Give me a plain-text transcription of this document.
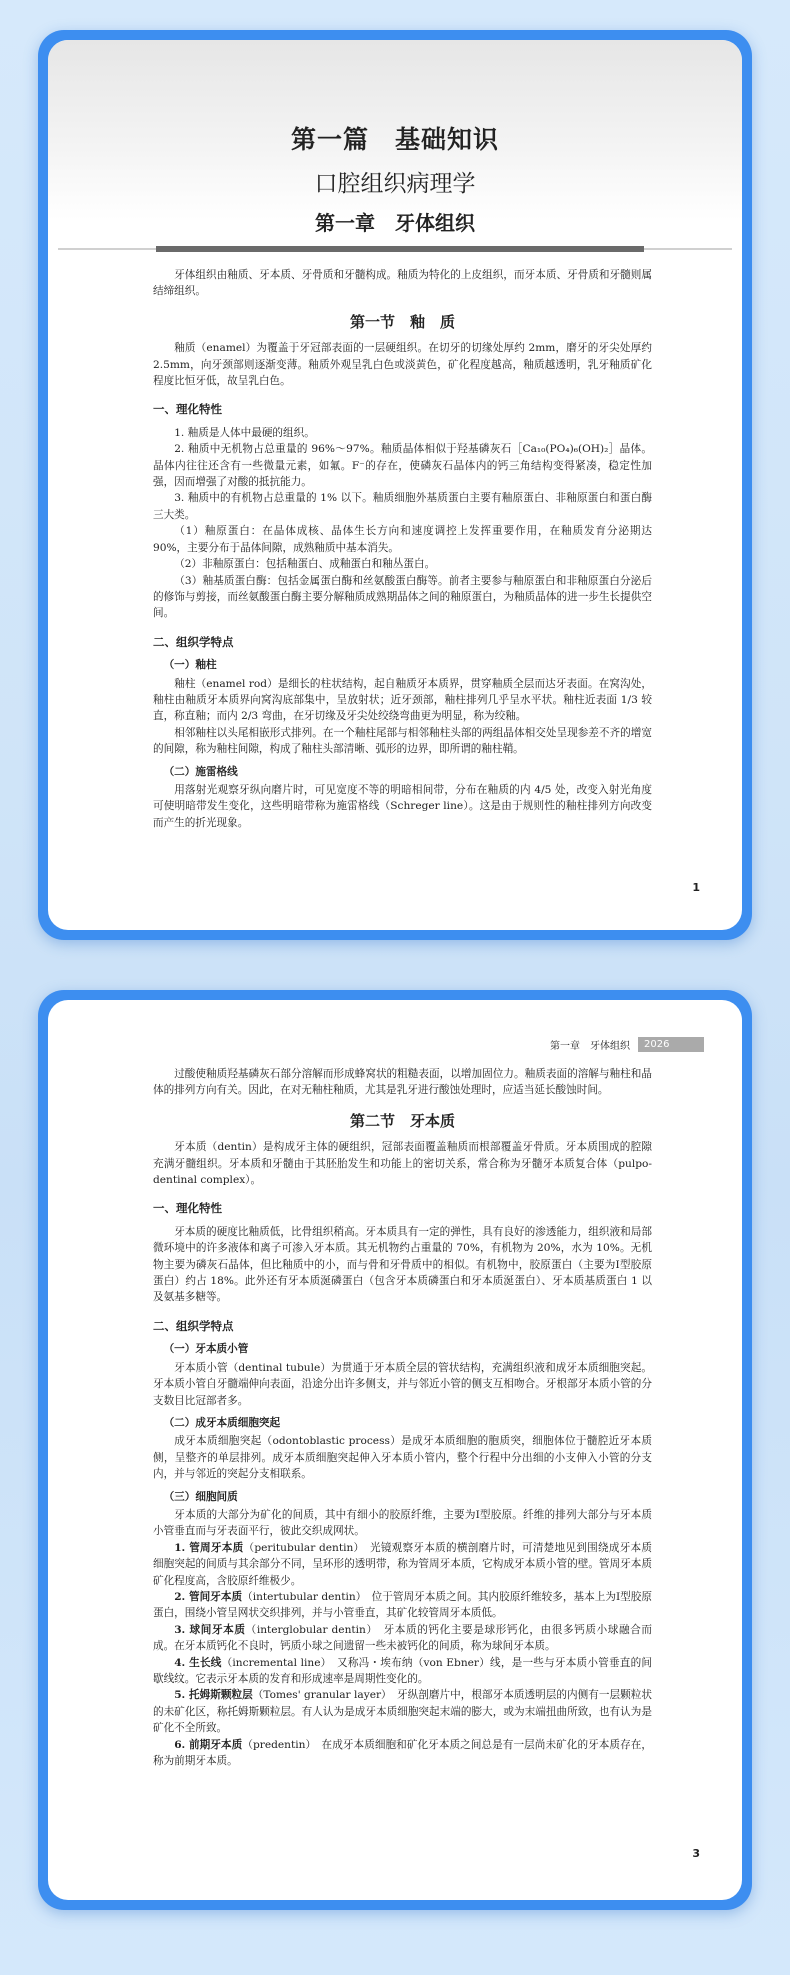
第一篇　基础知识
口腔组织病理学
第一章　牙体组织

牙体组织由釉质、牙本质、牙骨质和牙髓构成。釉质为特化的上皮组织，而牙本质、牙骨质和牙髓则属结缔组织。

第一节　釉　质

釉质（enamel）为覆盖于牙冠部表面的一层硬组织。在切牙的切缘处厚约 2mm，磨牙的牙尖处厚约 2.5mm，向牙颈部则逐渐变薄。釉质外观呈乳白色或淡黄色，矿化程度越高，釉质越透明，乳牙釉质矿化程度比恒牙低，故呈乳白色。

一、理化特性

1. 釉质是人体中最硬的组织。

2. 釉质中无机物占总重量的 96%～97%。釉质晶体相似于羟基磷灰石［Ca₁₀(PO₄)₆(OH)₂］晶体。晶体内往往还含有一些微量元素，如氟。F⁻的存在，使磷灰石晶体内的钙三角结构变得紧凑，稳定性加强，因而增强了对酸的抵抗能力。

3. 釉质中的有机物占总重量的 1% 以下。釉质细胞外基质蛋白主要有釉原蛋白、非釉原蛋白和蛋白酶三大类。

（1）釉原蛋白：在晶体成核、晶体生长方向和速度调控上发挥重要作用，在釉质发育分泌期达 90%，主要分布于晶体间隙，成熟釉质中基本消失。

（2）非釉原蛋白：包括釉蛋白、成釉蛋白和釉丛蛋白。

（3）釉基质蛋白酶：包括金属蛋白酶和丝氨酸蛋白酶等。前者主要参与釉原蛋白和非釉原蛋白分泌后的修饰与剪接，而丝氨酸蛋白酶主要分解釉质成熟期晶体之间的釉原蛋白，为釉质晶体的进一步生长提供空间。

二、组织学特点

（一）釉柱

釉柱（enamel rod）是细长的柱状结构，起自釉质牙本质界，贯穿釉质全层而达牙表面。在窝沟处，釉柱由釉质牙本质界向窝沟底部集中，呈放射状；近牙颈部，釉柱排列几乎呈水平状。釉柱近表面 1/3 较直，称直釉；而内 2/3 弯曲，在牙切缘及牙尖处绞绕弯曲更为明显，称为绞釉。

相邻釉柱以头尾相嵌形式排列。在一个釉柱尾部与相邻釉柱头部的两组晶体相交处呈现参差不齐的增宽的间隙，称为釉柱间隙，构成了釉柱头部清晰、弧形的边界，即所谓的釉柱鞘。

（二）施雷格线

用落射光观察牙纵向磨片时，可见宽度不等的明暗相间带，分布在釉质的内 4/5 处，改变入射光角度可使明暗带发生变化，这些明暗带称为施雷格线（Schreger line）。这是由于规则性的釉柱排列方向改变而产生的折光现象。

1
第一章　牙体组织	2026

过酸使釉质羟基磷灰石部分溶解而形成蜂窝状的粗糙表面，以增加固位力。釉质表面的溶解与釉柱和晶体的排列方向有关。因此，在对无釉柱釉质，尤其是乳牙进行酸蚀处理时，应适当延长酸蚀时间。

第二节　牙本质

牙本质（dentin）是构成牙主体的硬组织，冠部表面覆盖釉质而根部覆盖牙骨质。牙本质围成的腔隙充满牙髓组织。牙本质和牙髓由于其胚胎发生和功能上的密切关系，常合称为牙髓牙本质复合体（pulpo-dentinal complex）。

一、理化特性

牙本质的硬度比釉质低，比骨组织稍高。牙本质具有一定的弹性，具有良好的渗透能力，组织液和局部微环境中的许多液体和离子可渗入牙本质。其无机物约占重量的 70%，有机物为 20%，水为 10%。无机物主要为磷灰石晶体，但比釉质中的小，而与骨和牙骨质中的相似。有机物中，胶原蛋白（主要为Ⅰ型胶原蛋白）约占 18%。此外还有牙本质涎磷蛋白（包含牙本质磷蛋白和牙本质涎蛋白）、牙本质基质蛋白 1 以及氨基多糖等。

二、组织学特点

（一）牙本质小管

牙本质小管（dentinal tubule）为贯通于牙本质全层的管状结构，充满组织液和成牙本质细胞突起。牙本质小管自牙髓端伸向表面，沿途分出许多侧支，并与邻近小管的侧支互相吻合。牙根部牙本质小管的分支数目比冠部者多。

（二）成牙本质细胞突起

成牙本质细胞突起（odontoblastic process）是成牙本质细胞的胞质突，细胞体位于髓腔近牙本质侧，呈整齐的单层排列。成牙本质细胞突起伸入牙本质小管内，整个行程中分出细的小支伸入小管的分支内，并与邻近的突起分支相联系。

（三）细胞间质

牙本质的大部分为矿化的间质，其中有细小的胶原纤维，主要为Ⅰ型胶原。纤维的排列大部分与牙本质小管垂直而与牙表面平行，彼此交织成网状。

1. 管周牙本质（peritubular dentin）　光镜观察牙本质的横剖磨片时，可清楚地见到围绕成牙本质细胞突起的间质与其余部分不同，呈环形的透明带，称为管周牙本质，它构成牙本质小管的壁。管周牙本质矿化程度高，含胶原纤维极少。

2. 管间牙本质（intertubular dentin）　位于管周牙本质之间。其内胶原纤维较多，基本上为Ⅰ型胶原蛋白，围绕小管呈网状交织排列，并与小管垂直，其矿化较管周牙本质低。

3. 球间牙本质（interglobular dentin）　牙本质的钙化主要是球形钙化，由很多钙质小球融合而成。在牙本质钙化不良时，钙质小球之间遗留一些未被钙化的间质，称为球间牙本质。

4. 生长线（incremental line）　又称冯・埃布纳（von Ebner）线，是一些与牙本质小管垂直的间歇线纹。它表示牙本质的发育和形成速率是周期性变化的。

5. 托姆斯颗粒层（Tomes' granular layer）　牙纵剖磨片中，根部牙本质透明层的内侧有一层颗粒状的未矿化区，称托姆斯颗粒层。有人认为是成牙本质细胞突起末端的膨大，或为末端扭曲所致，也有认为是矿化不全所致。

6. 前期牙本质（predentin）　在成牙本质细胞和矿化牙本质之间总是有一层尚未矿化的牙本质存在，称为前期牙本质。

3
